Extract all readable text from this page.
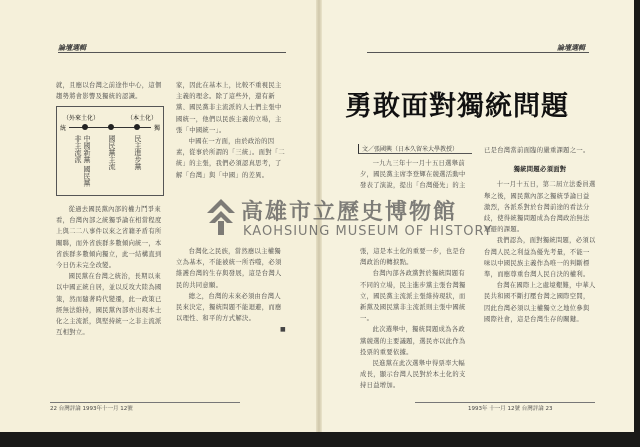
論壇選輯	論壇選輯
就，且應以台灣之前途作中心，這個趨勢將會影響及獨統的認識。
（外來土化）	（本土化）
統	獨
中國新黨 國民黨非主流派	國民黨主流	民主進步黨

從過去國民黨內部的權力鬥爭來看，台灣內部之統獨爭論在相當程度上與二二八事件以來之省籍矛盾有所關聯，而外省族群多數傾向統一，本省族群多數傾向獨立，此一結構直到今日仍未完全改變。

國民黨在台灣之統治，長期以來以中國正統自居，並以反攻大陸為國策，然而隨著時代變遷，此一政策已經無法維持，國民黨內部亦出現本土化之主流派，與堅持統一之非主流派互相對立。

家，因此在基本上，比較不重視民主主義的理念。除了這些外，還有新黨、國民黨非主流派的人士們主張中國統一，他們以民族主義的立場，主張「中國統一」。

中國在一方面，由於政治的因素，從事於所謂的「三統」。面對「二統」的主張，我們必須認真思考，了解「台灣」與「中國」的差異。

台灣化之民族，當然應以主權獨立為基本，不能被統一所吞噬，必須維護台灣的生存與發展，這是台灣人民的共同意願。

總之，台灣的未來必須由台灣人民來決定，獨統問題不能迴避，而應以理性、和平的方式解決。

■
勇敢面對獨統問題
文／張國興（日本久留米大學教授）

一九九三年十一月十五日選舉前夕，國民黨主席李登輝在競選活動中發表了演說，提出「台灣優先」的主張，這是本土化的重要一步，也是台灣政治的轉捩點。

台灣內部各政黨對於獨統問題有不同的立場，民主進步黨主張台灣獨立，國民黨主流派主張維持現狀，而新黨及國民黨非主流派則主張中國統一。

此次選舉中，獨統問題成為各政黨競選的主要議題，選民亦以此作為投票的重要依據。

民進黨在此次選舉中得票率大幅成長，顯示台灣人民對於本土化的支持日益增加。

已是台灣當前面臨的嚴重課題之一。

獨統問題必須面對

十一月十五日，第二屆立法委員選舉之後，國民黨內部之獨統爭論日益激烈，各派系對於台灣前途的看法分歧，使得統獨問題成為台灣政治無法迴避的課題。

我們認為，面對獨統問題，必須以台灣人民之利益為優先考量，不能一味以中國民族主義作為唯一的判斷標準，而應尊重台灣人民自決的權利。

台灣在國際上之處境艱難，中華人民共和國不斷打壓台灣之國際空間，因此台灣必須以主權獨立之地位參與國際社會，這是台灣生存的關鍵。

22 台灣評論 1993年十一月 12號	1993年 十一月 12號 台灣評論 23
高雄市立歷史博物館
KAOHSIUNG MUSEUM OF HISTORY
